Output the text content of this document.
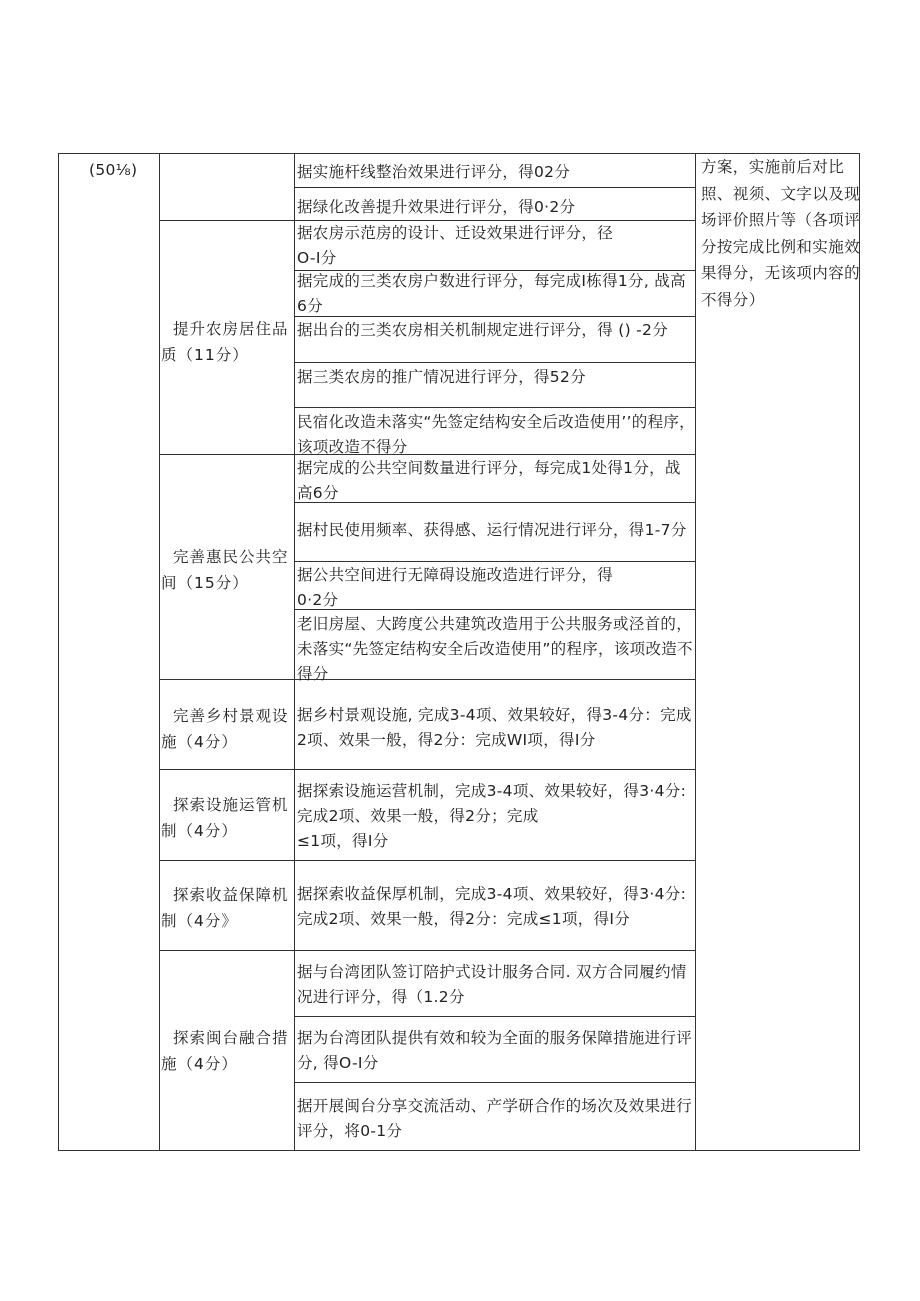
(50⅛)
提升农房居住品质（11分）
完善惠民公共空间（15分）
完善乡村景观设施（4分）
探索设施运管机制（4分）
探索收益保障机制（4分》
探索闽台融合措施（4分）
据实施杆线整治效果进行评分，得02分
据绿化改善提升效果进行评分，得0·2分
据农房示范房的设计、迁设效果进行评分，径
O-I分
据完成的三类农房户数进行评分，每完成I栋得1分, 战高6分
据出台的三类农房相关机制规定进行评分，得 () -2分
据三类农房的推广情况进行评分，得52分
民宿化改造未落实“先签定结构安全后改造使用’’的程序，该项改造不得分
据完成的公共空间数量进行评分，每完成1处得1分，战高6分
据村民使用频率、获得感、运行情况进行评分，得1-7分
据公共空间进行无障碍设施改造进行评分，得
0·2分
老旧房屋、大跨度公共建筑改造用于公共服务或泾首的，未落实“先签定结构安全后改造使用”的程序，该项改造不得分
据乡村景观设施, 完成3-4项、效果较好，得3-4分：完成2项、效果一般，得2分：完成WI项，得I分
据探索设施运营机制，完成3-4项、效果较好，得3·4分:完成2项、效果一般，得2分；完成
≤1项，得I分
据探索收益保厚机制，完成3-4项、效果较好，得3·4分:完成2项、效果一般，得2分：完成≤1项，得I分
据与台湾团队签订陪护式设计服务合同. 双方合同履约情况进行评分，得（1.2分
据为台湾团队提供有效和较为全面的服务保障措施进行评分, 得O-I分
据开展闽台分享交流活动、产学研合作的场次及效果进行评分，将0-1分
方案，实施前后对比照、视须、文字以及现场评价照片等（各项评分按完成比例和实施效果得分，无该项内容的不得分）
